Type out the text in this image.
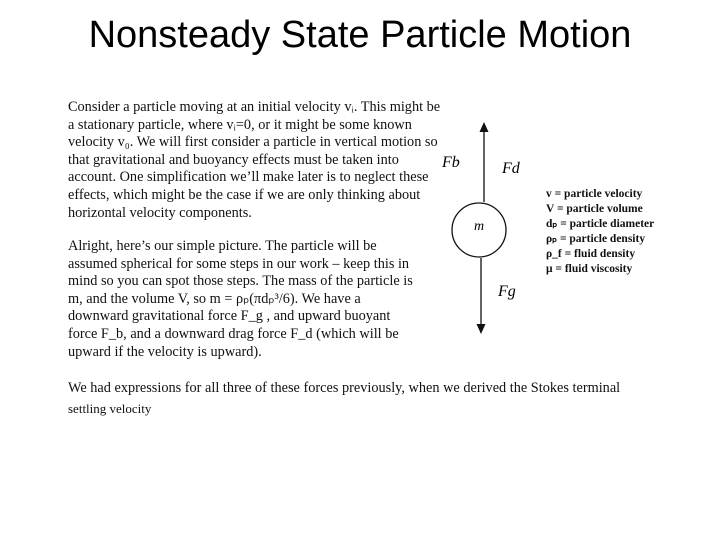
Nonsteady State Particle Motion
Consider a particle moving at an initial velocity vᵢ. This might be a stationary particle, where vᵢ=0, or it might be some known velocity v₀. We will first consider a particle in vertical motion so that gravitational and buoyancy effects must be taken into account. One simplification we’ll make later is to neglect these effects, which might be the case if we are only thinking about horizontal velocity components.
Alright, here’s our simple picture. The particle will be assumed spherical for some steps in our work – keep this in mind so you can spot those steps. The mass of the particle is m, and the volume V, so m = ρₚ(πdₚ³/6). We have a downward gravitational force F_g , and upward buoyant force F_b, and a downward drag force F_d (which will be upward if the velocity is upward).
We had expressions for all three of these forces previously, when we derived the Stokes terminal
settling velocity
m
Fb	Fd
Fg
v = particle velocity
V = particle volume
dₚ = particle diameter
ρₚ = particle density
ρ_f = fluid density
μ = fluid viscosity
